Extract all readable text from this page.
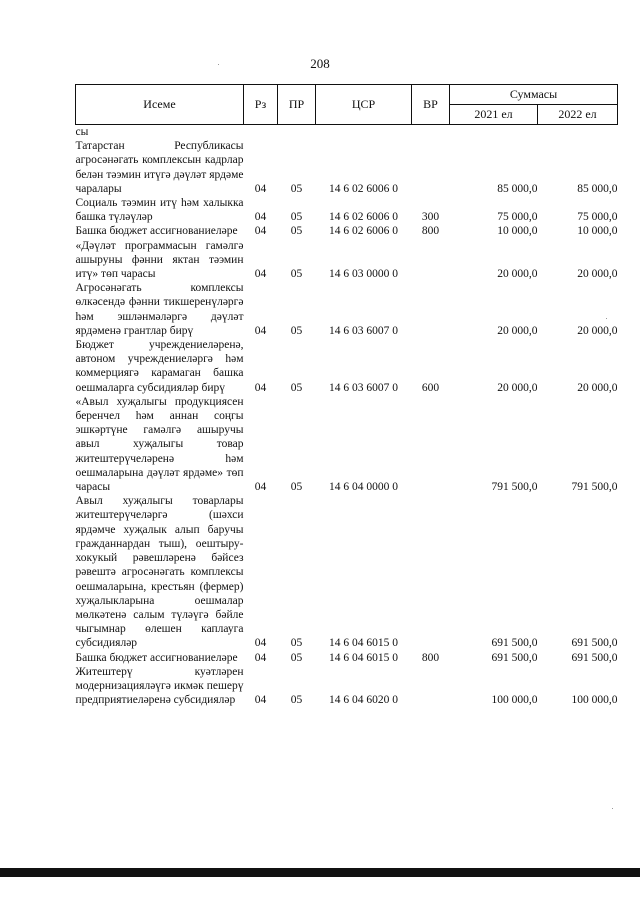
208
Исеме	Рз	ПР	ЦСР	ВР	Суммасы	
					2021 ел	2022 ел
сы						
Татарстан Республикасы агросәнәгать комплексын кадрлар белән тәэмин итүгә дәүләт ярдәме чаралары	04	05	14 6 02 6006 0		85 000,0	85 000,0
Социаль тәэмин итү һәм халыкка башка түләүләр	04	05	14 6 02 6006 0	300	75 000,0	75 000,0
Башка бюджет ассигнованиеләре	04	05	14 6 02 6006 0	800	10 000,0	10 000,0
«Дәүләт программасын гамәлгә ашыруны фәнни яктан тәэмин итү» төп чарасы	04	05	14 6 03 0000 0		20 000,0	20 000,0
Агросәнәгать комплексы өлкәсендә фәнни тикшеренүләргә һәм эшләнмәләргә дәүләт ярдәменә грантлар бирү	04	05	14 6 03 6007 0		20 000,0	20 000,0
Бюджет учреждениеләренә, автоном учреждениеләргә һәм коммерциягә карамаган башка оешмаларга субсидияләр бирү	04	05	14 6 03 6007 0	600	20 000,0	20 000,0
«Авыл хуҗалыгы продукциясен беренчел һәм аннан соңгы эшкәртүне гамәлгә ашыручы авыл хуҗалыгы товар житештерүчеләренә һәм оешмаларына дәүләт ярдәме» төп чарасы	04	05	14 6 04 0000 0		791 500,0	791 500,0
Авыл хуҗалыгы товарлары житештерүчеләргә (шәхси ярдәмче хуҗалык алып баручы гражданнардан тыш), оештыру-хокукый рәвешләренә бәйсез рәвештә агросәнәгать комплексы оешмаларына, крестьян (фермер) хуҗалыкларына оешмалар мөлкәтенә салым түләүгә бәйле чыгымнар өлешен каплауга субсидияләр	04	05	14 6 04 6015 0		691 500,0	691 500,0
Башка бюджет ассигнованиеләре	04	05	14 6 04 6015 0	800	691 500,0	691 500,0
Житештерү куәтләрен модернизацияләүгә икмәк пешерү предприятиеләренә субсидияләр	04	05	14 6 04 6020 0		100 000,0	100 000,0
